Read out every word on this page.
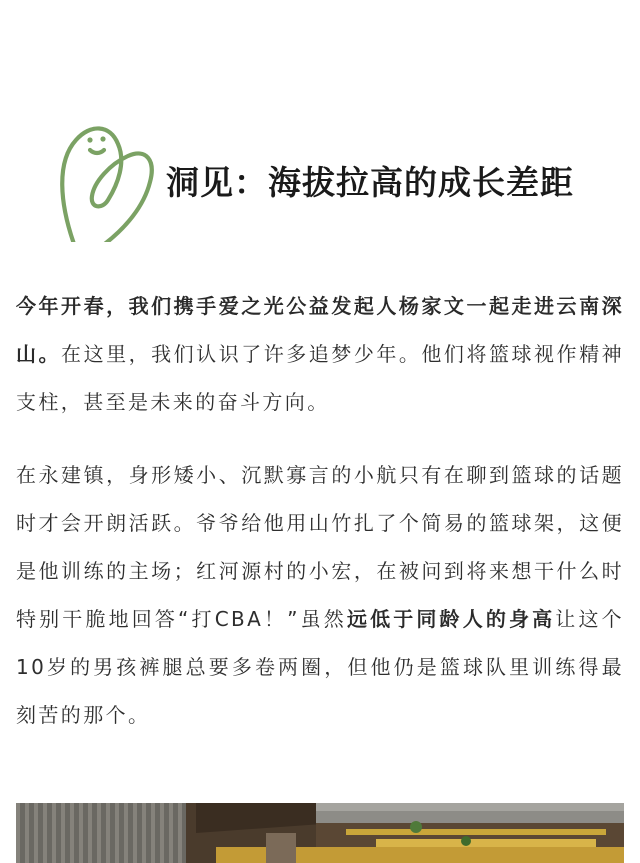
洞见：海拔拉高的成长差距

今年开春，我们携手爱之光公益发起人杨家文一起走进云南深山。在这里，我们认识了许多追梦少年。他们将篮球视作精神支柱，甚至是未来的奋斗方向。

在永建镇，身形矮小、沉默寡言的小航只有在聊到篮球的话题时才会开朗活跃。爷爷给他用山竹扎了个简易的篮球架，这便是他训练的主场；红河源村的小宏，在被问到将来想干什么时特别干脆地回答“打CBA！”虽然远低于同龄人的身高让这个10岁的男孩裤腿总要多卷两圈，但他仍是篮球队里训练得最刻苦的那个。
